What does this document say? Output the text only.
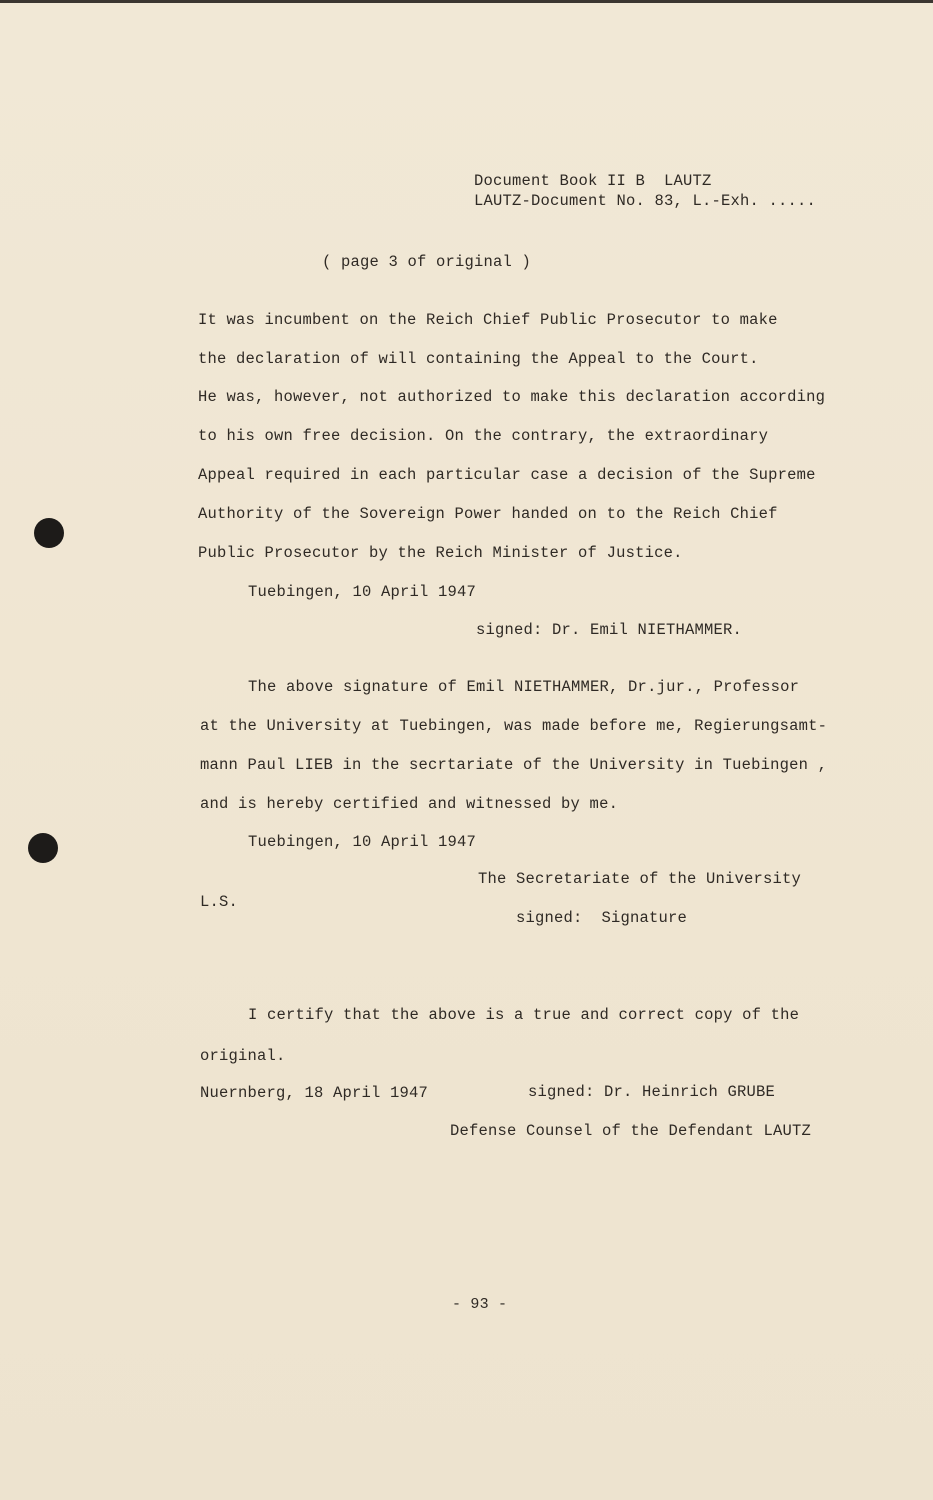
Document Book II B  LAUTZ
LAUTZ-Document No. 83, L.-Exh. .....
( page 3 of original )
It was incumbent on the Reich Chief Public Prosecutor to make
the declaration of will containing the Appeal to the Court.
He was, however, not authorized to make this declaration according
to his own free decision. On the contrary, the extraordinary
Appeal required in each particular case a decision of the Supreme
Authority of the Sovereign Power handed on to the Reich Chief
Public Prosecutor by the Reich Minister of Justice.
Tuebingen, 10 April 1947
signed: Dr. Emil NIETHAMMER.
The above signature of Emil NIETHAMMER, Dr.jur., Professor
at the University at Tuebingen, was made before me, Regierungsamt-
mann Paul LIEB in the secrtariate of the University in Tuebingen ,
and is hereby certified and witnessed by me.
Tuebingen, 10 April 1947
The Secretariate of the University
L.S.
signed:  Signature
I certify that the above is a true and correct copy of the
original.
Nuernberg, 18 April 1947	signed: Dr. Heinrich GRUBE
Defense Counsel of the Defendant LAUTZ
- 93 -
